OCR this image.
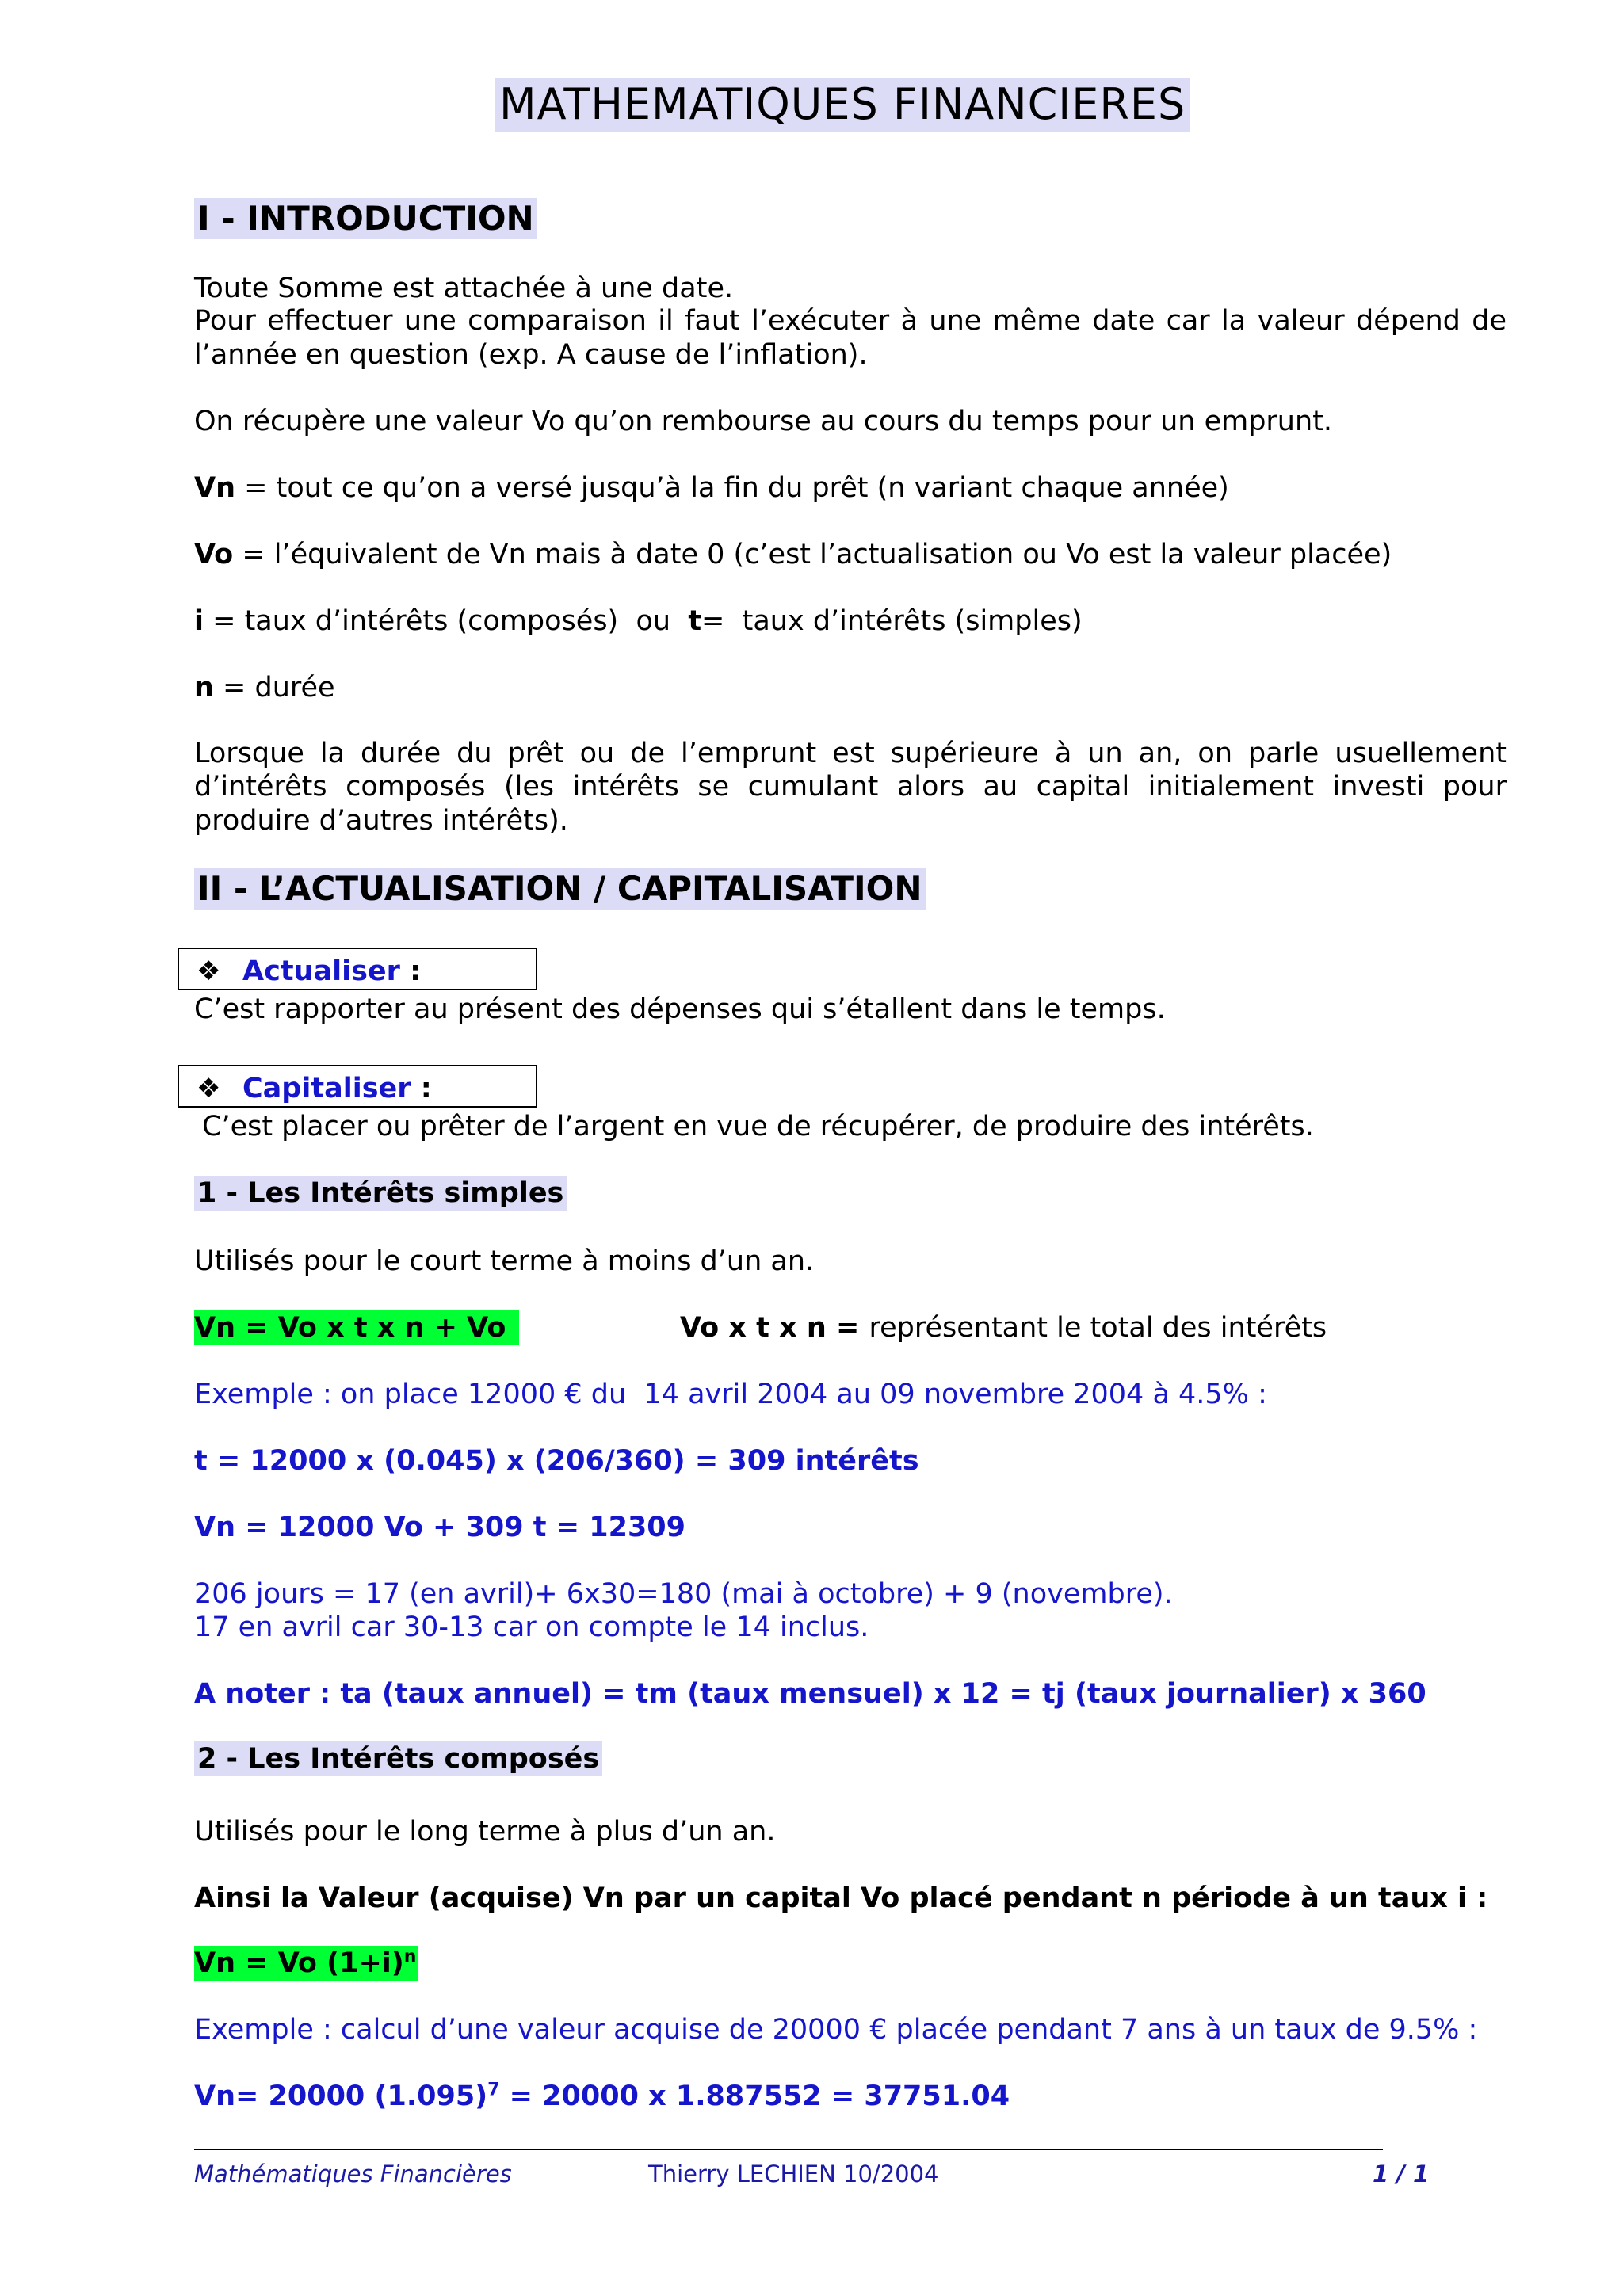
MATHEMATIQUES FINANCIERES
I - INTRODUCTION
Toute Somme est attachée à une date.
Pour effectuer une comparaison il faut l’exécuter à une même date car la valeur dépend de
l’année en question (exp. A cause de l’inflation).
On récupère une valeur Vo qu’on rembourse au cours du temps pour un emprunt.
Vn = tout ce qu’on a versé jusqu’à la fin du prêt (n variant chaque année)
Vo = l’équivalent de Vn mais à date 0 (c’est l’actualisation ou Vo est la valeur placée)
i = taux d’intérêts (composés)  ou  t=  taux d’intérêts (simples)
n = durée
Lorsque la durée du prêt ou de l’emprunt est supérieure à un an, on parle usuellement
d’intérêts composés (les intérêts se cumulant alors au capital initialement investi pour
produire d’autres intérêts).
II - L’ACTUALISATION / CAPITALISATION
❖ Actualiser :
C’est rapporter au présent des dépenses qui s’étallent dans le temps.
❖ Capitaliser :
C’est placer ou prêter de l’argent en vue de récupérer, de produire des intérêts.
1 - Les Intérêts simples
Utilisés pour le court terme à moins d’un an.
Vn = Vo x t x n + Vo	Vo x t x n = représentant le total des intérêts
Exemple : on place 12000 € du  14 avril 2004 au 09 novembre 2004 à 4.5% :
t = 12000 x (0.045) x (206/360) = 309 intérêts
Vn = 12000 Vo + 309 t = 12309
206 jours = 17 (en avril)+ 6x30=180 (mai à octobre) + 9 (novembre).
17 en avril car 30-13 car on compte le 14 inclus.
A noter : ta (taux annuel) = tm (taux mensuel) x 12 = tj (taux journalier) x 360
2 - Les Intérêts composés
Utilisés pour le long terme à plus d’un an.
Ainsi la Valeur (acquise) Vn par un capital Vo placé pendant n période à un taux i :
Vn = Vo $(1+i)^n$
Exemple : calcul d’une valeur acquise de 20000 € placée pendant 7 ans à un taux de 9.5% :
Vn= 20000 $(1.095)^7 = 20000$ x 1.887552 = 37751.04
Mathématiques Financières	Thierry LECHIEN 10/2004	1 / 1
